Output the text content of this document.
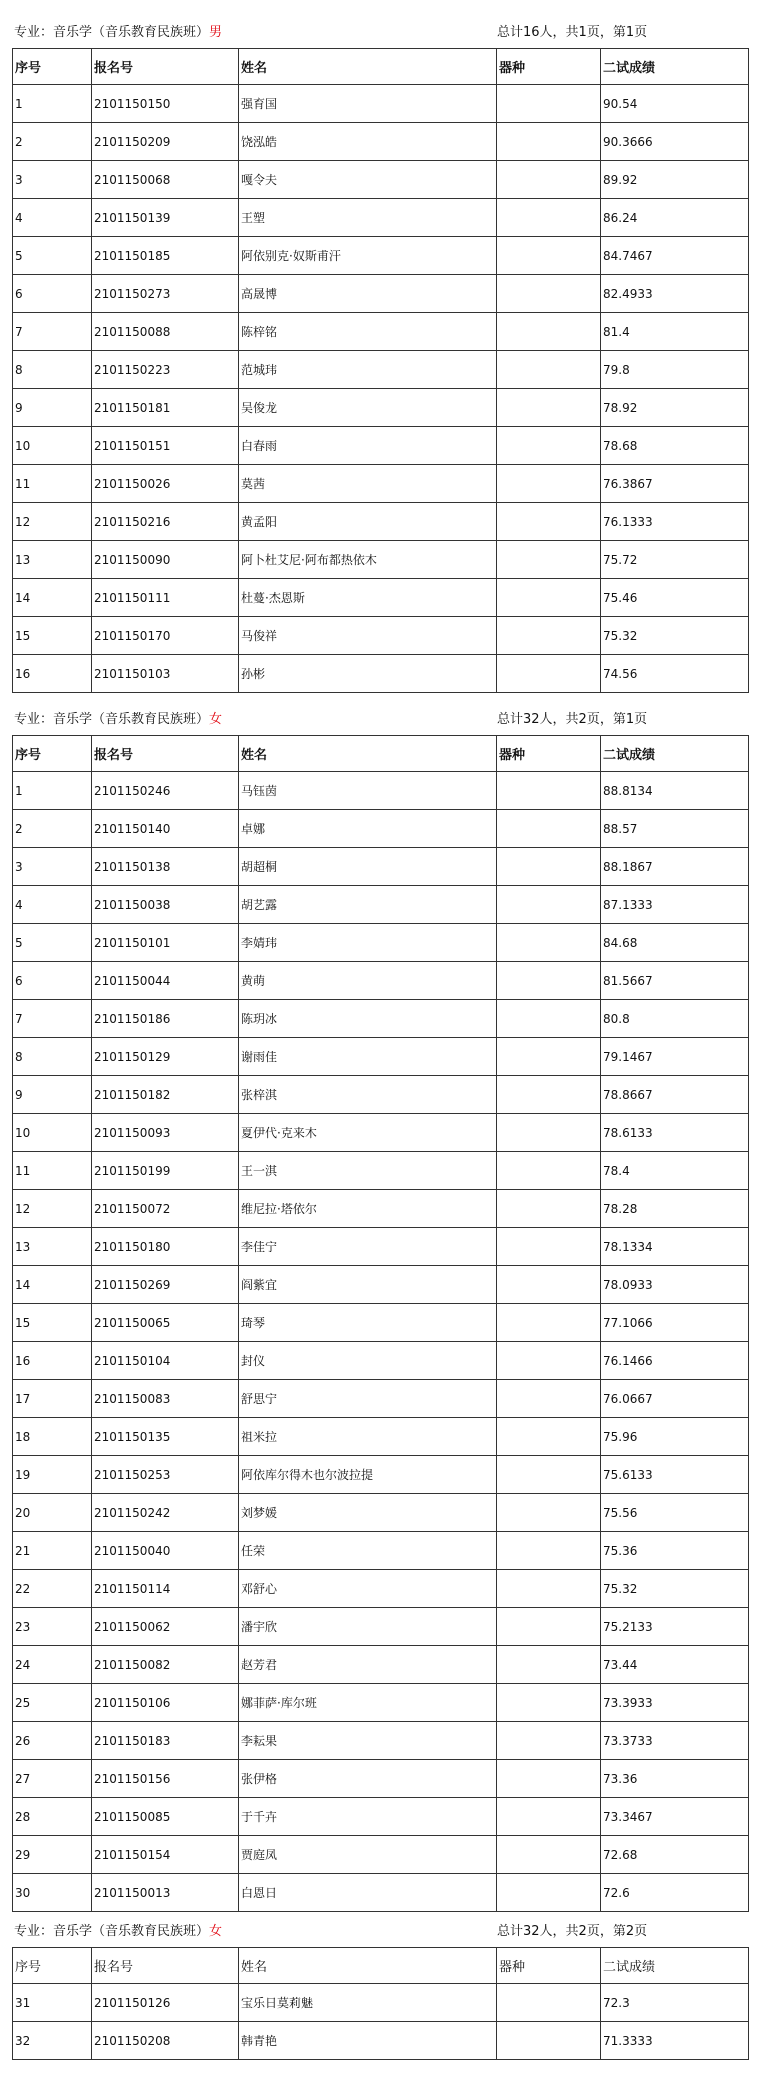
专业：音乐学（音乐教育民族班）男	总计16人，共1页，第1页
序号	报名号	姓名	器种	二试成绩
1	2101150150	强育国		90.54
2	2101150209	饶泓皓		90.3666
3	2101150068	嘎令夫		89.92
4	2101150139	王塑		86.24
5	2101150185	阿依别克·奴斯甫汗		84.7467
6	2101150273	高晟博		82.4933
7	2101150088	陈梓铭		81.4
8	2101150223	范城玮		79.8
9	2101150181	吴俊龙		78.92
10	2101150151	白春雨		78.68
11	2101150026	莫茜		76.3867
12	2101150216	黄孟阳		76.1333
13	2101150090	阿卜杜艾尼·阿布都热依木		75.72
14	2101150111	杜蔓·杰恩斯		75.46
15	2101150170	马俊祥		75.32
16	2101150103	孙彬		74.56
专业：音乐学（音乐教育民族班）女	总计32人，共2页，第1页
序号	报名号	姓名	器种	二试成绩
1	2101150246	马钰茵		88.8134
2	2101150140	卓娜		88.57
3	2101150138	胡超桐		88.1867
4	2101150038	胡艺露		87.1333
5	2101150101	李婧玮		84.68
6	2101150044	黄萌		81.5667
7	2101150186	陈玥冰		80.8
8	2101150129	谢雨佳		79.1467
9	2101150182	张梓淇		78.8667
10	2101150093	夏伊代·克来木		78.6133
11	2101150199	王一淇		78.4
12	2101150072	维尼拉·塔依尔		78.28
13	2101150180	李佳宁		78.1334
14	2101150269	阎紫宜		78.0933
15	2101150065	琦琴		77.1066
16	2101150104	封仪		76.1466
17	2101150083	舒思宁		76.0667
18	2101150135	祖米拉		75.96
19	2101150253	阿依库尔得木也尔波拉提		75.6133
20	2101150242	刘梦媛		75.56
21	2101150040	任荣		75.36
22	2101150114	邓舒心		75.32
23	2101150062	潘宇欣		75.2133
24	2101150082	赵芳君		73.44
25	2101150106	娜菲萨·库尔班		73.3933
26	2101150183	李耘果		73.3733
27	2101150156	张伊格		73.36
28	2101150085	于千卉		73.3467
29	2101150154	贾庭凤		72.68
30	2101150013	白恩日		72.6
专业：音乐学（音乐教育民族班）女	总计32人，共2页，第2页
序号	报名号	姓名	器种	二试成绩
31	2101150126	宝乐日莫莉魅		72.3
32	2101150208	韩青艳		71.3333
